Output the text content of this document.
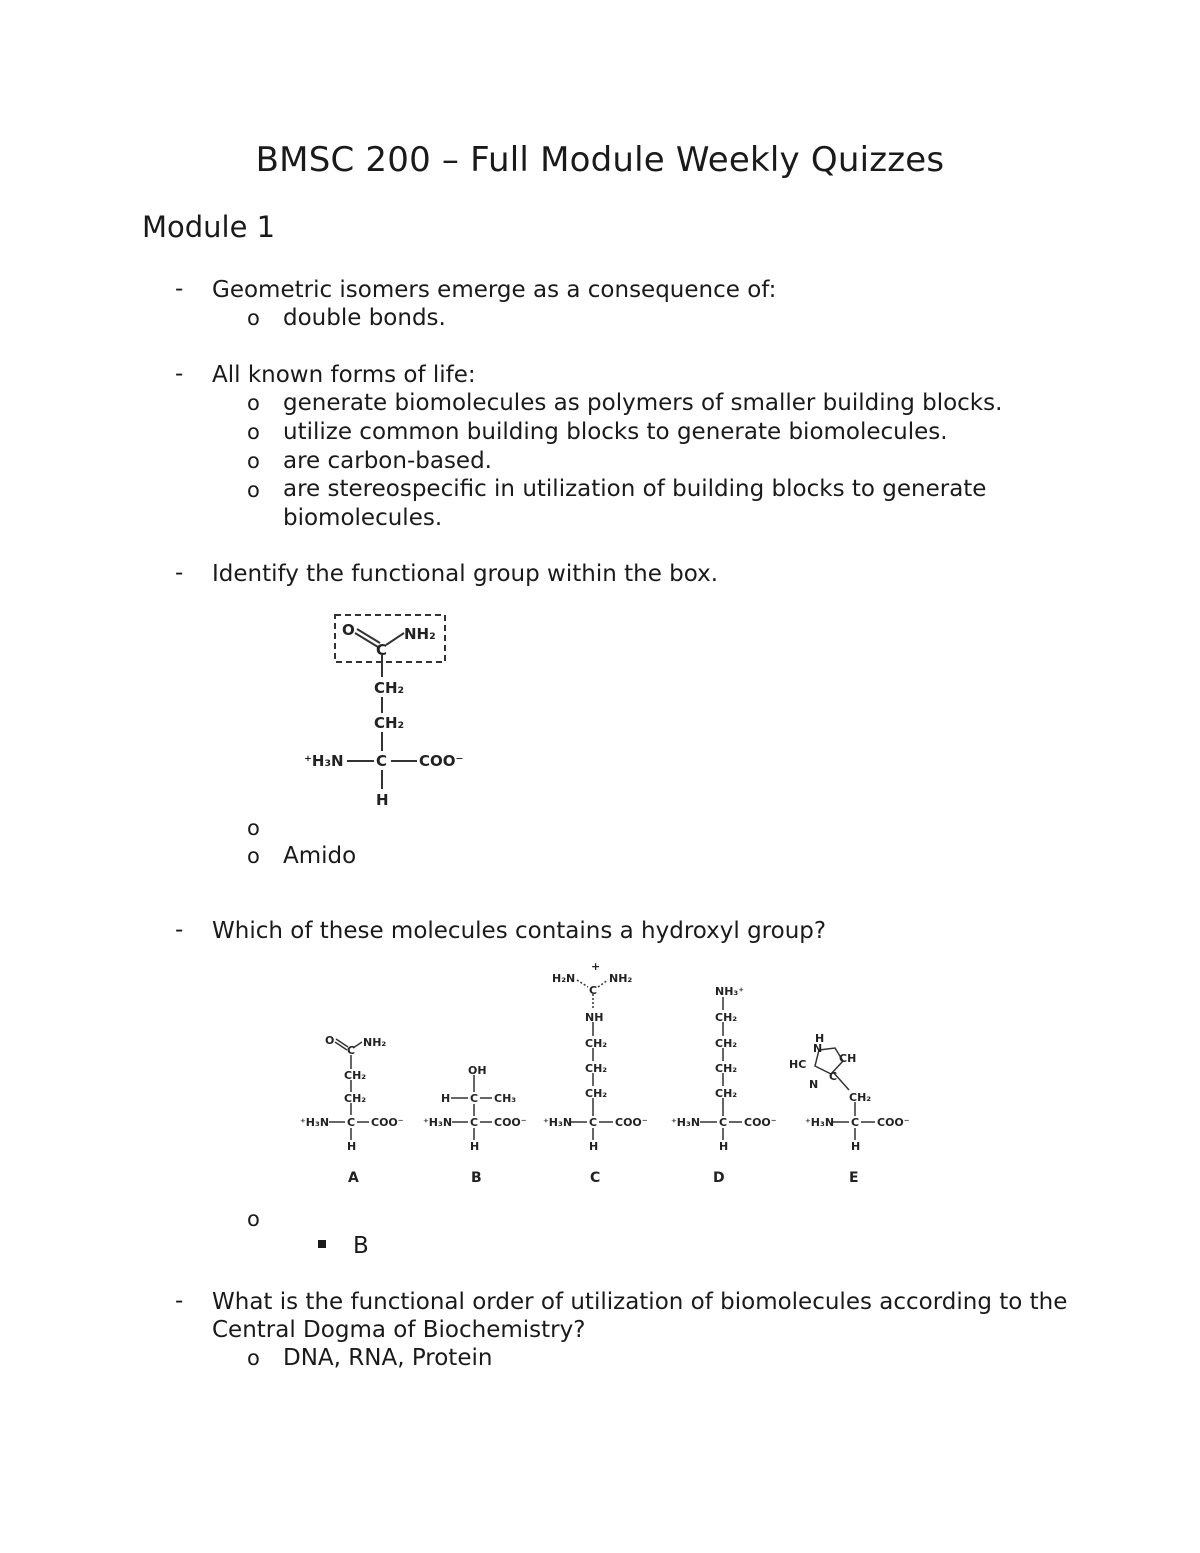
BMSC 200 – Full Module Weekly Quizzes
Module 1
- Geometric isomers emerge as a consequence of:
o double bonds.
- All known forms of life:
o generate biomolecules as polymers of smaller building blocks.
o utilize common building blocks to generate biomolecules.
o are carbon-based.
o are stereospecific in utilization of building blocks to generate biomolecules.
- Identify the functional group within the box.
O	NH₂
C
CH₂
CH₂
⁺H₃N C COO⁻
H
o
o Amido
- Which of these molecules contains a hydroxyl group?
O	NH₂
C
CH₂
CH₂
⁺H₃N C COO⁻
H
OH
H C CH₃
⁺H₃N C COO⁻
H
+
H₂N	NH₂
C
NH
CH₂
CH₂
CH₂
⁺H₃N C COO⁻
H
NH₃⁺
CH₂
CH₂
CH₂
CH₂
⁺H₃N C COO⁻
H
H
N
HC	CH
N
C
CH₂
⁺H₃N C COO⁻
H
A	B	C	D	E
o
B
- What is the functional order of utilization of biomolecules according to the Central Dogma of Biochemistry?
o DNA, RNA, Protein
